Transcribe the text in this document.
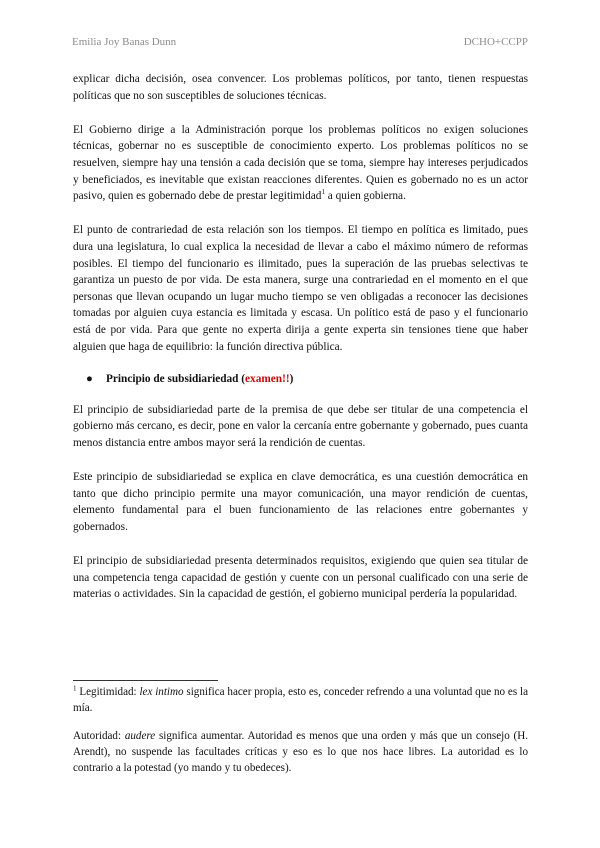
Emilia Joy Banas Dunn	DCHO+CCPP

explicar dicha decisión, osea convencer. Los problemas políticos, por tanto, tienen respuestas políticas que no son susceptibles de soluciones técnicas.

El Gobierno dirige a la Administración porque los problemas políticos no exigen soluciones técnicas, gobernar no es susceptible de conocimiento experto. Los problemas políticos no se resuelven, siempre hay una tensión a cada decisión que se toma, siempre hay intereses perjudicados y beneficiados, es inevitable que existan reacciones diferentes. Quien es gobernado no es un actor pasivo, quien es gobernado debe de prestar legitimidad$^1$ a quien gobierna.

El punto de contrariedad de esta relación son los tiempos. El tiempo en política es limitado, pues dura una legislatura, lo cual explica la necesidad de llevar a cabo el máximo número de reformas posibles. El tiempo del funcionario es ilimitado, pues la superación de las pruebas selectivas te garantiza un puesto de por vida. De esta manera, surge una contrariedad en el momento en el que personas que llevan ocupando un lugar mucho tiempo se ven obligadas a reconocer las decisiones tomadas por alguien cuya estancia es limitada y escasa. Un político está de paso y el funcionario está de por vida. Para que gente no experta dirija a gente experta sin tensiones tiene que haber alguien que haga de equilibrio: la función directiva pública.

● Principio de subsidiariedad (examen!!)

El principio de subsidiariedad parte de la premisa de que debe ser titular de una competencia el gobierno más cercano, es decir, pone en valor la cercanía entre gobernante y gobernado, pues cuanta menos distancia entre ambos mayor será la rendición de cuentas.

Este principio de subsidiariedad se explica en clave democrática, es una cuestión democrática en tanto que dicho principio permite una mayor comunicación, una mayor rendición de cuentas, elemento fundamental para el buen funcionamiento de las relaciones entre gobernantes y gobernados.

El principio de subsidiariedad presenta determinados requisitos, exigiendo que quien sea titular de una competencia tenga capacidad de gestión y cuente con un personal cualificado con una serie de materias o actividades. Sin la capacidad de gestión, el gobierno municipal perdería la popularidad.

$^1$ Legitimidad: lex intimo significa hacer propia, esto es, conceder refrendo a una voluntad que no es la mía.

Autoridad: audere significa aumentar. Autoridad es menos que una orden y más que un consejo (H. Arendt), no suspende las facultades críticas y eso es lo que nos hace libres. La autoridad es lo contrario a la potestad (yo mando y tu obedeces).
